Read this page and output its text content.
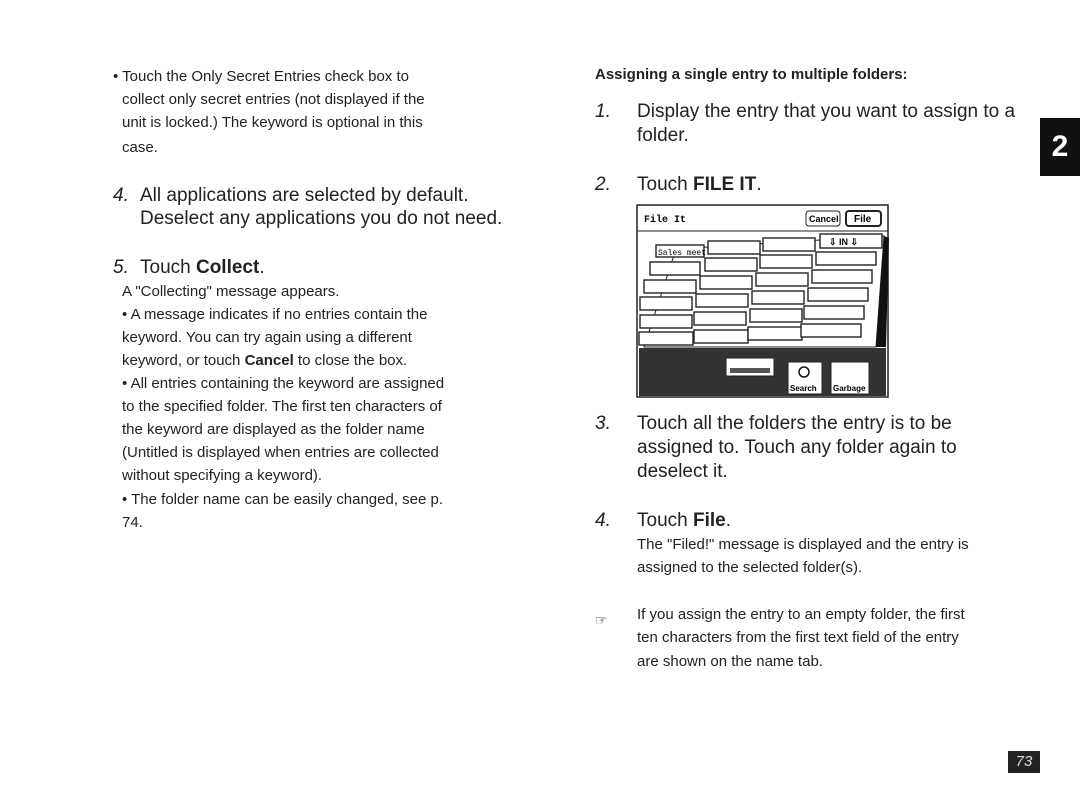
• Touch the Only Secret Entries check box to
collect only secret entries (not displayed if the
unit is locked.) The keyword is optional in this
case.
4. All applications are selected by default.
Deselect any applications you do not need.
5. Touch Collect.
A "Collecting" message appears.
• A message indicates if no entries contain the
keyword. You can try again using a different
keyword, or touch Cancel to close the box.
• All entries containing the keyword are assigned
to the specified folder. The first ten characters of
the keyword are displayed as the folder name
(Untitled is displayed when entries are collected
without specifying a keyword).
• The folder name can be easily changed, see p.
74.
Assigning a single entry to multiple folders:
1. Display the entry that you want to assign to a
folder.
2. Touch FILE IT.
File It	Cancel File
Sales meet
⇩ IN ⇩
Search Garbage
3. Touch all the folders the entry is to be
assigned to. Touch any folder again to
deselect it.
4. Touch File.
The "Filed!" message is displayed and the entry is
assigned to the selected folder(s).
☞ If you assign the entry to an empty folder, the first
ten characters from the first text field of the entry
are shown on the name tab.
2
73
